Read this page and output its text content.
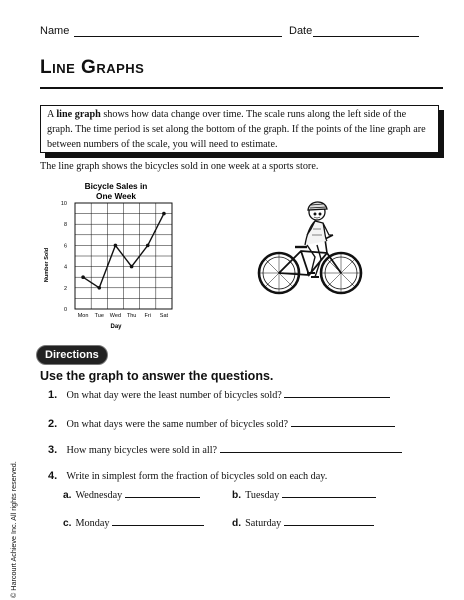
Name	Date
Line Graphs

A line graph shows how data change over time. The scale runs along the left side of the graph. The time period is set along the bottom of the graph. If the points of the line graph are between numbers of the scale, you will need to estimate.

The line graph shows the bicycles sold in one week at a sports store.
Bicycle Sales in
One Week
Number Sold
0
2
4
6
8
10
Mon Tue Wed Thu Fri Sat
Day
Directions
Use the graph to answer the questions.
1. On what day were the least number of bicycles sold?
2. On what days were the same number of bicycles sold?
3. How many bicycles were sold in all?
4. Write in simplest form the fraction of bicycles sold on each day.
a. Wednesday	b. Tuesday
c. Monday	d. Saturday
© Harcourt Achieve Inc. All rights reserved.
